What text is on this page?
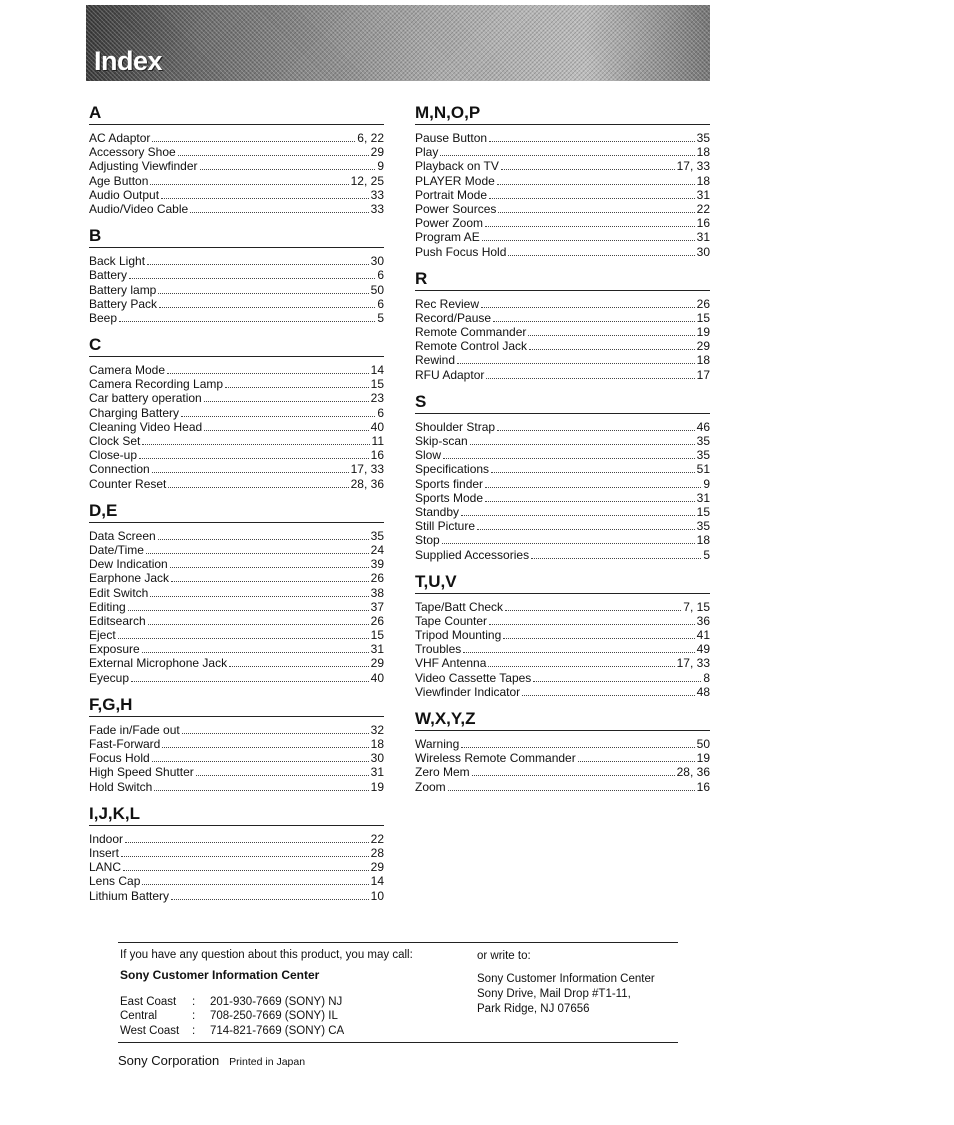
Index
A
AC Adaptor	6, 22
Accessory Shoe	29
Adjusting Viewfinder	9
Age Button	12, 25
Audio Output	33
Audio/Video Cable	33
B
Back Light	30
Battery	6
Battery lamp	50
Battery Pack	6
Beep	5
C
Camera Mode	14
Camera Recording Lamp	15
Car battery operation	23
Charging Battery	6
Cleaning Video Head	40
Clock Set	11
Close-up	16
Connection	17, 33
Counter Reset	28, 36
D,E
Data Screen	35
Date/Time	24
Dew Indication	39
Earphone Jack	26
Edit Switch	38
Editing	37
Editsearch	26
Eject	15
Exposure	31
External Microphone Jack	29
Eyecup	40
F,G,H
Fade in/Fade out	32
Fast-Forward	18
Focus Hold	30
High Speed Shutter	31
Hold Switch	19
I,J,K,L
Indoor	22
Insert	28
LANC	29
Lens Cap	14
Lithium Battery	10
M,N,O,P
Pause Button	35
Play	18
Playback on TV	17, 33
PLAYER Mode	18
Portrait Mode	31
Power Sources	22
Power Zoom	16
Program AE	31
Push Focus Hold	30
R
Rec Review	26
Record/Pause	15
Remote Commander	19
Remote Control Jack	29
Rewind	18
RFU Adaptor	17
S
Shoulder Strap	46
Skip-scan	35
Slow	35
Specifications	51
Sports finder	9
Sports Mode	31
Standby	15
Still Picture	35
Stop	18
Supplied Accessories	5
T,U,V
Tape/Batt Check	7, 15
Tape Counter	36
Tripod Mounting	41
Troubles	49
VHF Antenna	17, 33
Video Cassette Tapes	8
Viewfinder Indicator	48
W,X,Y,Z
Warning	50
Wireless Remote Commander	19
Zero Mem	28, 36
Zoom	16
If you have any question about this product, you may call:
Sony Customer Information Center
East Coast : 201-930-7669 (SONY) NJ
Central	: 708-250-7669 (SONY) IL
West Coast : 714-821-7669 (SONY) CA
or write to:
Sony Customer Information Center
Sony Drive, Mail Drop #T1-11,
Park Ridge, NJ 07656
Sony Corporation Printed in Japan
